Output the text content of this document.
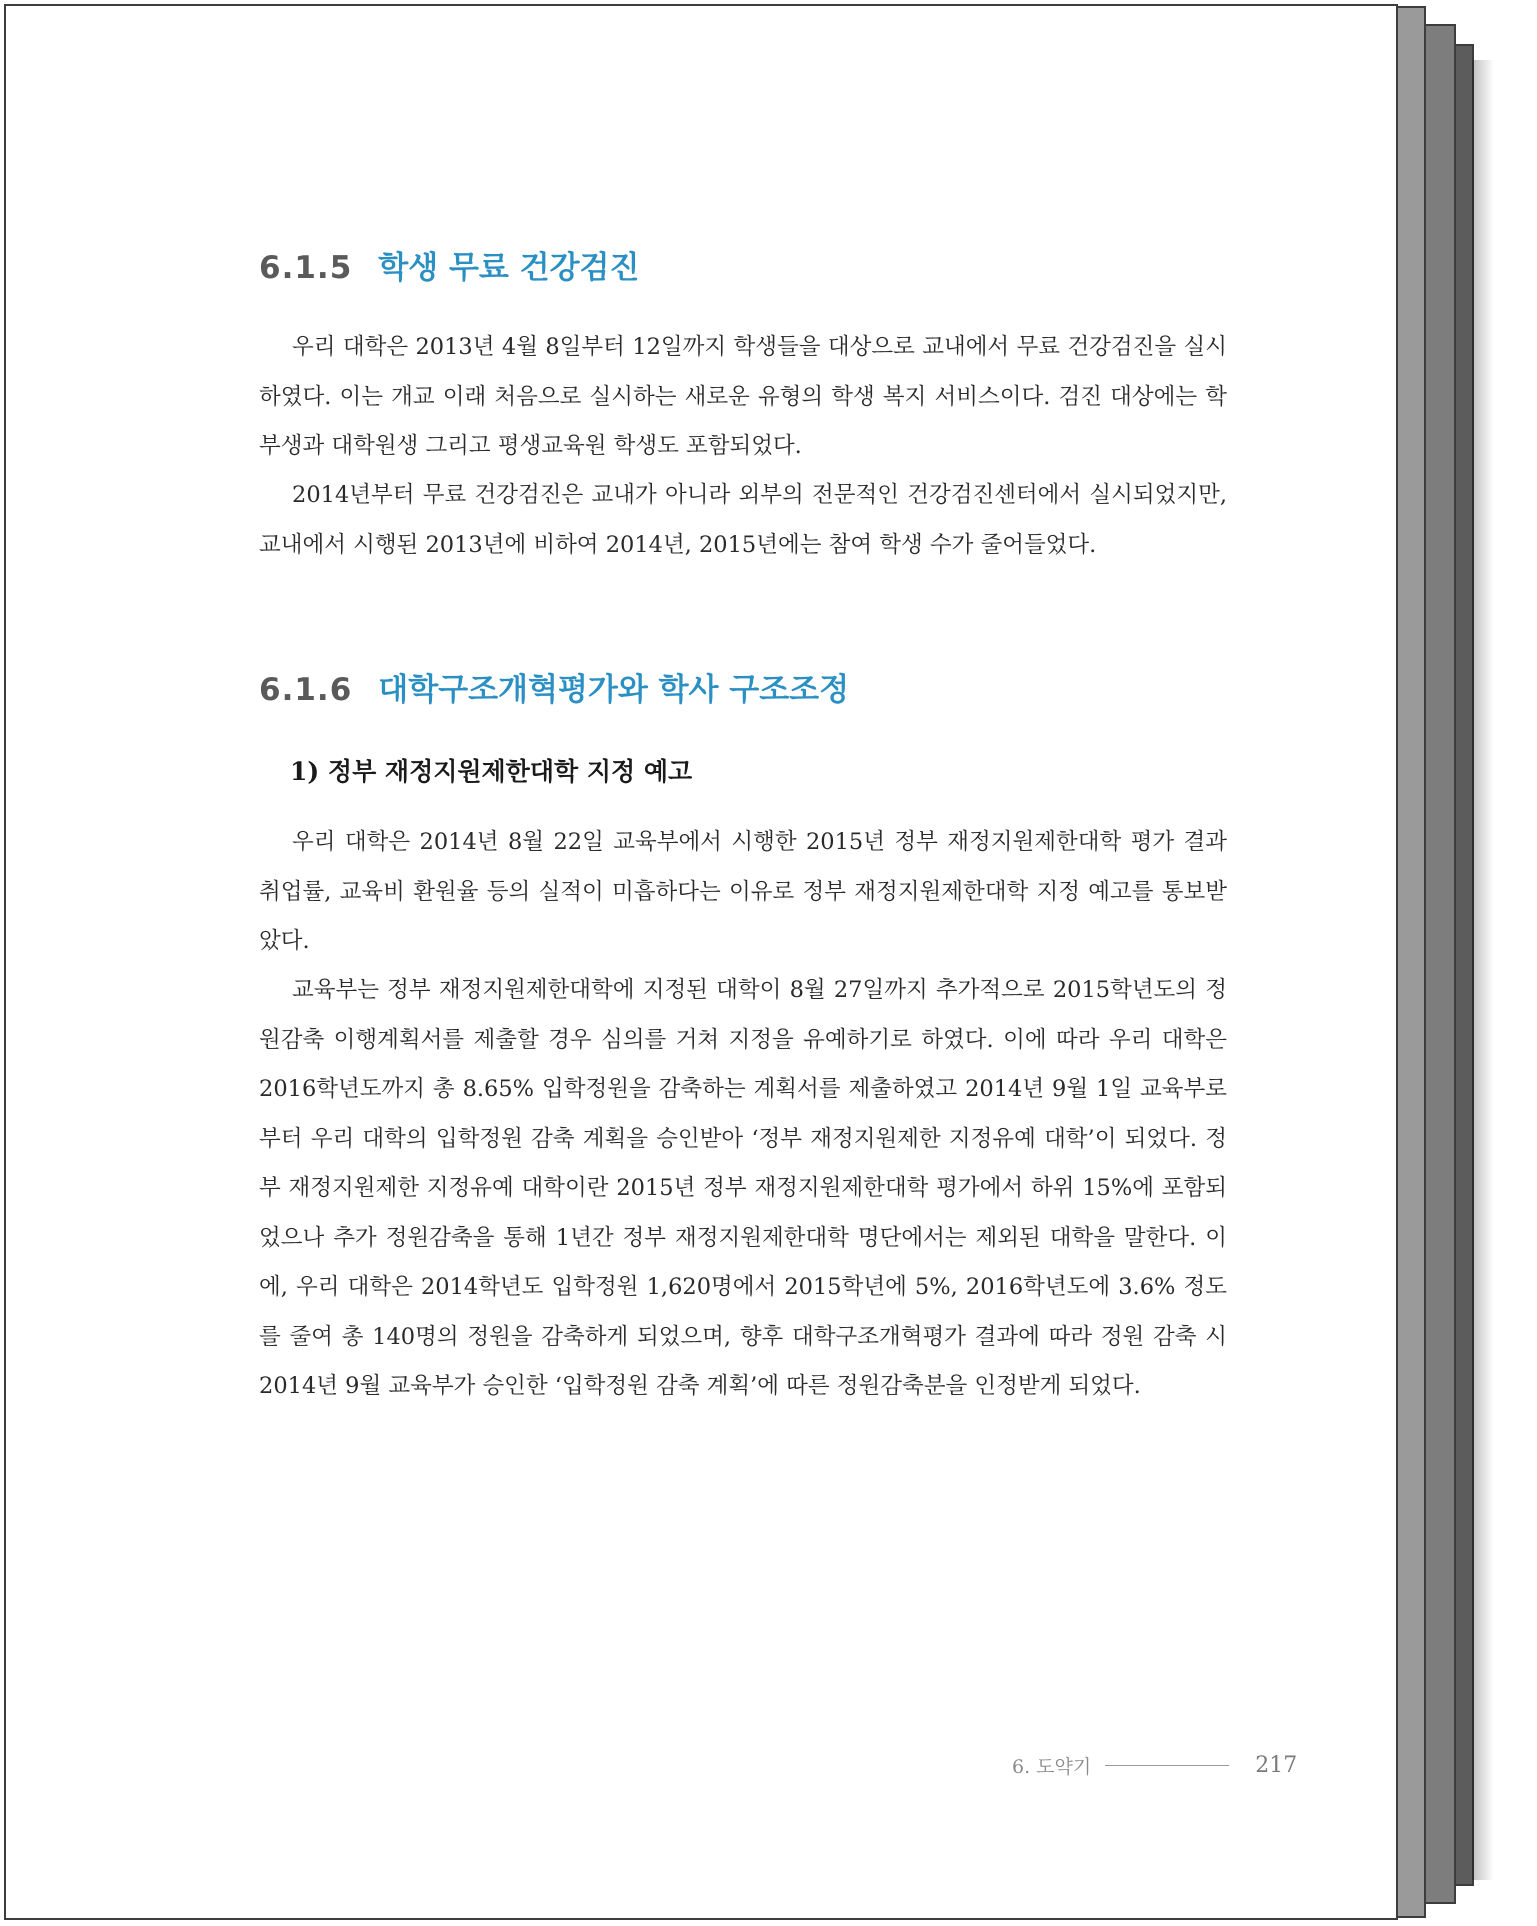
6.1.5 학생 무료 건강검진

우리 대학은 2013년 4월 8일부터 12일까지 학생들을 대상으로 교내에서 무료 건강검진을 실시하였다. 이는 개교 이래 처음으로 실시하는 새로운 유형의 학생 복지 서비스이다. 검진 대상에는 학부생과 대학원생 그리고 평생교육원 학생도 포함되었다.

2014년부터 무료 건강검진은 교내가 아니라 외부의 전문적인 건강검진센터에서 실시되었지만, 교내에서 시행된 2013년에 비하여 2014년, 2015년에는 참여 학생 수가 줄어들었다.

6.1.6 대학구조개혁평가와 학사 구조조정
1) 정부 재정지원제한대학 지정 예고

우리 대학은 2014년 8월 22일 교육부에서 시행한 2015년 정부 재정지원제한대학 평가 결과 취업률, 교육비 환원율 등의 실적이 미흡하다는 이유로 정부 재정지원제한대학 지정 예고를 통보받았다.

교육부는 정부 재정지원제한대학에 지정된 대학이 8월 27일까지 추가적으로 2015학년도의 정원감축 이행계획서를 제출할 경우 심의를 거쳐 지정을 유예하기로 하였다. 이에 따라 우리 대학은 2016학년도까지 총 8.65% 입학정원을 감축하는 계획서를 제출하였고 2014년 9월 1일 교육부로부터 우리 대학의 입학정원 감축 계획을 승인받아 ‘정부 재정지원제한 지정유예 대학’이 되었다. 정부 재정지원제한 지정유예 대학이란 2015년 정부 재정지원제한대학 평가에서 하위 15%에 포함되었으나 추가 정원감축을 통해 1년간 정부 재정지원제한대학 명단에서는 제외된 대학을 말한다. 이에, 우리 대학은 2014학년도 입학정원 1,620명에서 2015학년에 5%, 2016학년도에 3.6% 정도를 줄여 총 140명의 정원을 감축하게 되었으며, 향후 대학구조개혁평가 결과에 따라 정원 감축 시 2014년 9월 교육부가 승인한 ‘입학정원 감축 계획’에 따른 정원감축분을 인정받게 되었다.

6. 도약기	217
